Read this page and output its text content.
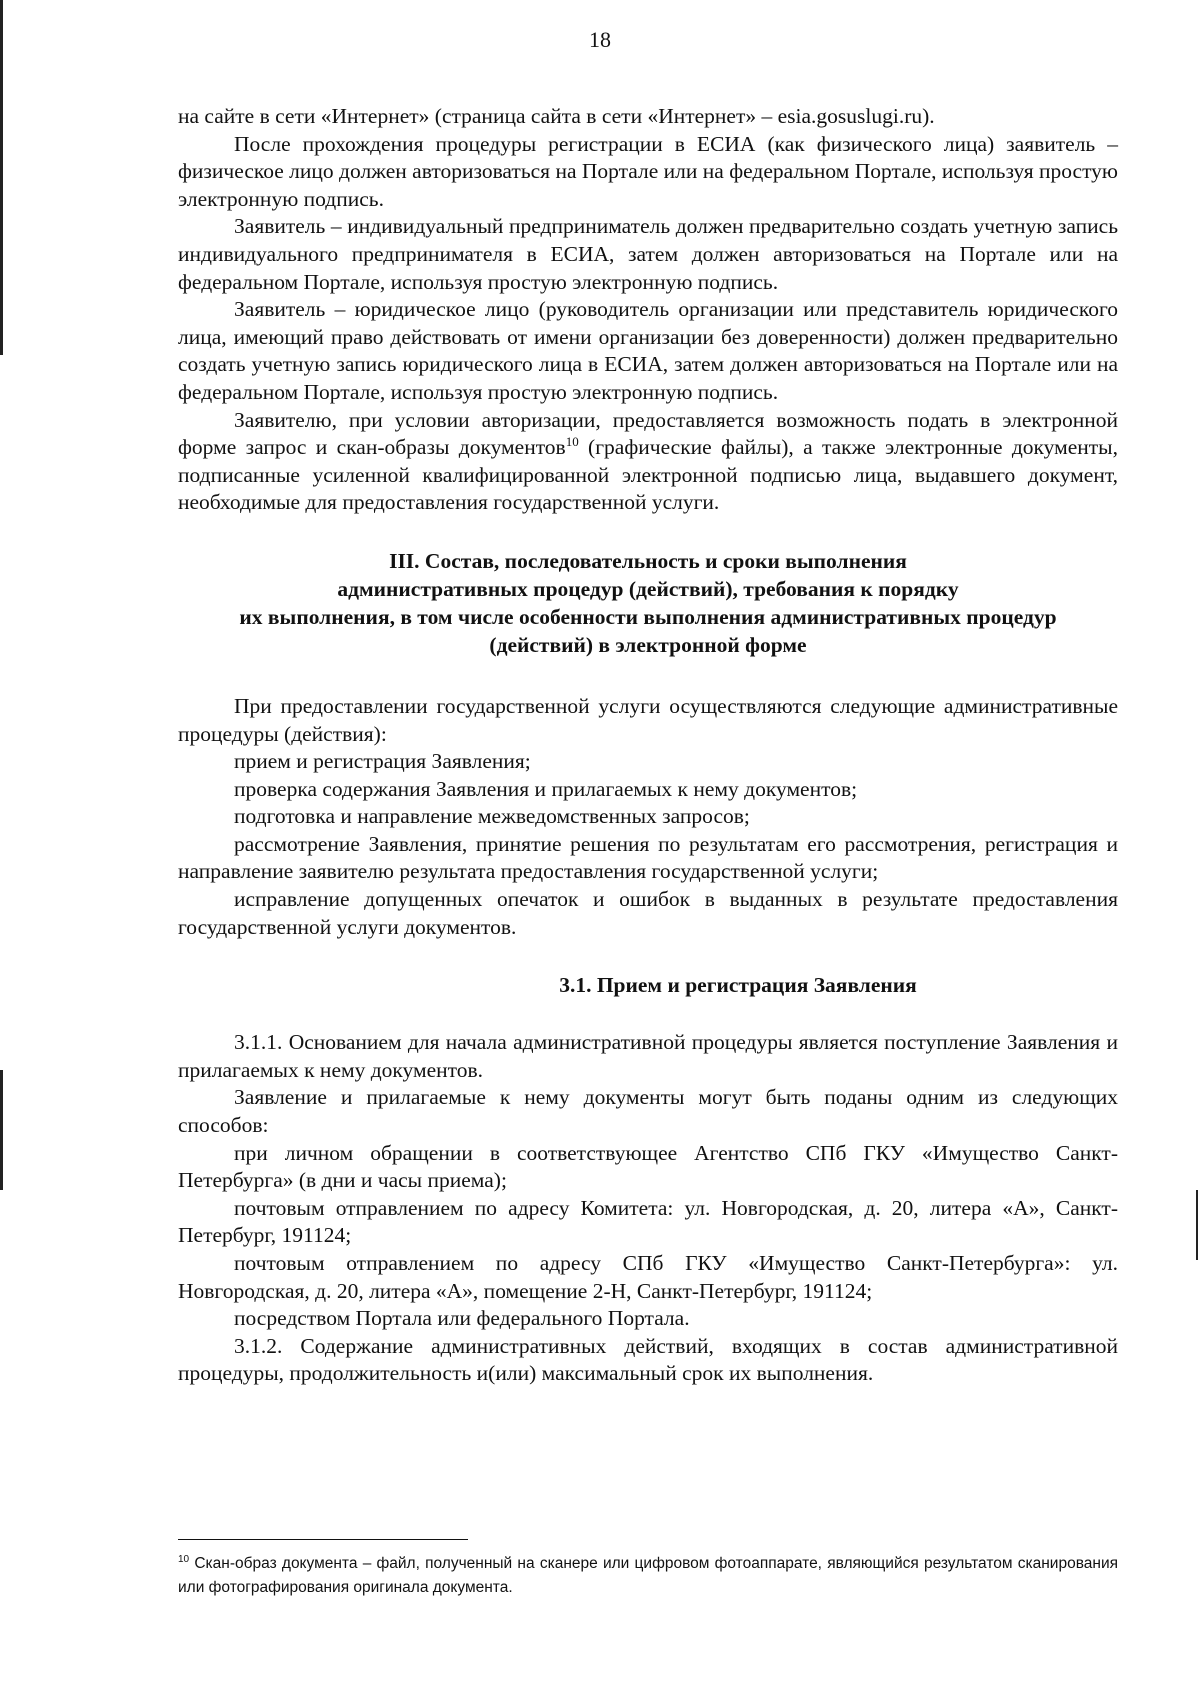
18

на сайте в сети «Интернет» (страница сайта в сети «Интернет» – esia.gosuslugi.ru).

После прохождения процедуры регистрации в ЕСИА (как физического лица) заявитель – физическое лицо должен авторизоваться на Портале или на федеральном Портале, используя простую электронную подпись.

Заявитель – индивидуальный предприниматель должен предварительно создать учетную запись индивидуального предпринимателя в ЕСИА, затем должен авторизоваться на Портале или на федеральном Портале, используя простую электронную подпись.

Заявитель – юридическое лицо (руководитель организации или представитель юридического лица, имеющий право действовать от имени организации без доверенности) должен предварительно создать учетную запись юридического лица в ЕСИА, затем должен авторизоваться на Портале или на федеральном Портале, используя простую электронную подпись.

Заявителю, при условии авторизации, предоставляется возможность подать в электронной форме запрос и скан-образы документов$^{10}$ (графические файлы), а также электронные документы, подписанные усиленной квалифицированной электронной подписью лица, выдавшего документ, необходимые для предоставления государственной услуги.

III. Состав, последовательность и сроки выполнения
административных процедур (действий), требования к порядку
их выполнения, в том числе особенности выполнения административных процедур
(действий) в электронной форме

При предоставлении государственной услуги осуществляются следующие административные процедуры (действия):

прием и регистрация Заявления;

проверка содержания Заявления и прилагаемых к нему документов;

подготовка и направление межведомственных запросов;

рассмотрение Заявления, принятие решения по результатам его рассмотрения, регистрация и направление заявителю результата предоставления государственной услуги;

исправление допущенных опечаток и ошибок в выданных в результате предоставления государственной услуги документов.

3.1. Прием и регистрация Заявления

3.1.1. Основанием для начала административной процедуры является поступление Заявления и прилагаемых к нему документов.

Заявление и прилагаемые к нему документы могут быть поданы одним из следующих способов:

при личном обращении в соответствующее Агентство СПб ГКУ «Имущество Санкт-Петербурга» (в дни и часы приема);

почтовым отправлением по адресу Комитета: ул. Новгородская, д. 20, литера «А», Санкт-Петербург, 191124;

почтовым отправлением по адресу СПб ГКУ «Имущество Санкт-Петербурга»: ул. Новгородская, д. 20, литера «А», помещение 2-Н, Санкт-Петербург, 191124;

посредством Портала или федерального Портала.

3.1.2. Содержание административных действий, входящих в состав административной процедуры, продолжительность и(или) максимальный срок их выполнения.

$^{10}$ Скан-образ документа – файл, полученный на сканере или цифровом фотоаппарате, являющийся результатом сканирования или фотографирования оригинала документа.
